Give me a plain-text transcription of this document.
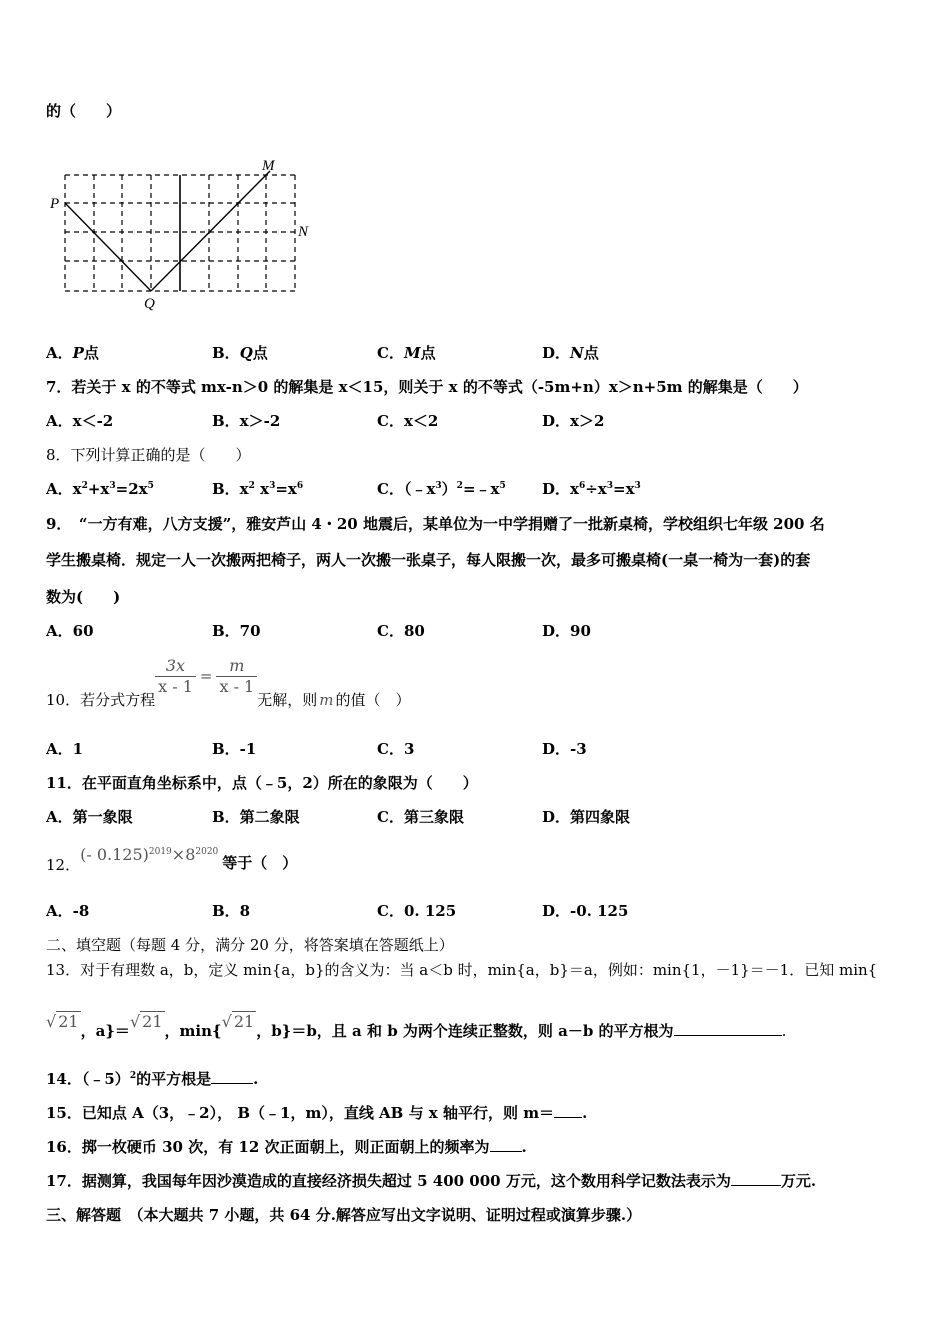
的（　　）
P
Q
M
N
A．P点	B．Q点	C．M点	D．N点
7．若关于 x 的不等式 mx-n＞0 的解集是 x＜15，则关于 x 的不等式（-5m+n）x＞n+5m 的解集是（　　）
A．x＜-2	B．x＞-2	C．x＜2	D．x＞2
8．下列计算正确的是（　　）
A．$x^2+x^3=2x^5$	B．$x^2$ $x^3=x^6$	C．$(﹣x^3)^2=﹣x^5$ D．$x^6\div x^3=x^3$
9．　“一方有难，八方支援”，雅安芦山 4・20 地震后，某单位为一中学捐赠了一批新桌椅，学校组织七年级 200 名
学生搬桌椅．规定一人一次搬两把椅子，两人一次搬一张桌子，每人限搬一次，最多可搬桌椅(一桌一椅为一套)的套
数为(　　)
A．60	B．70	C．80	D．90
10．若分式方程
$\frac{3x}{x - 1} = \frac{m}{x - 1}$
无解，则 m 的值（　）
A．1	B．-1	C．3	D．-3
11．在平面直角坐标系中，点（﹣5，2）所在的象限为（　　）
A．第一象限	B．第二象限	C．第三象限	D．第四象限
12．(- $0.125)^{2019}\times 8^{2020}$等于（　）
A．-8	B．8	C．0. 125	D．-0. 125
二、填空题（每题 4 分，满分 20 分，将答案填在答题纸上）
13．对于有理数 a，b，定义 min{a，b}的含义为：当 a＜b 时，min{a，b}＝a，例如：min{1，－1}＝－1．已知 min{
√ 21 ，a}＝√ 21 ，min{√ 21 ，b}＝b，且 a 和 b 为两个连续正整数，则 a－b 的平方根为	.
14．（﹣5）$^2$的平方根是	.
15．已知点 A（3，﹣2）， B（﹣1，m），直线 AB 与 x 轴平行，则 m＝ .
16．掷一枚硬币 30 次，有 12 次正面朝上，则正面朝上的频率为 .
17．据测算，我国每年因沙漠造成的直接经济损失超过 5 400 000 万元，这个数用科学记数法表示为	万元.
三、解答题　（本大题共 7 小题，共 64 分.解答应写出文字说明、证明过程或演算步骤.）
